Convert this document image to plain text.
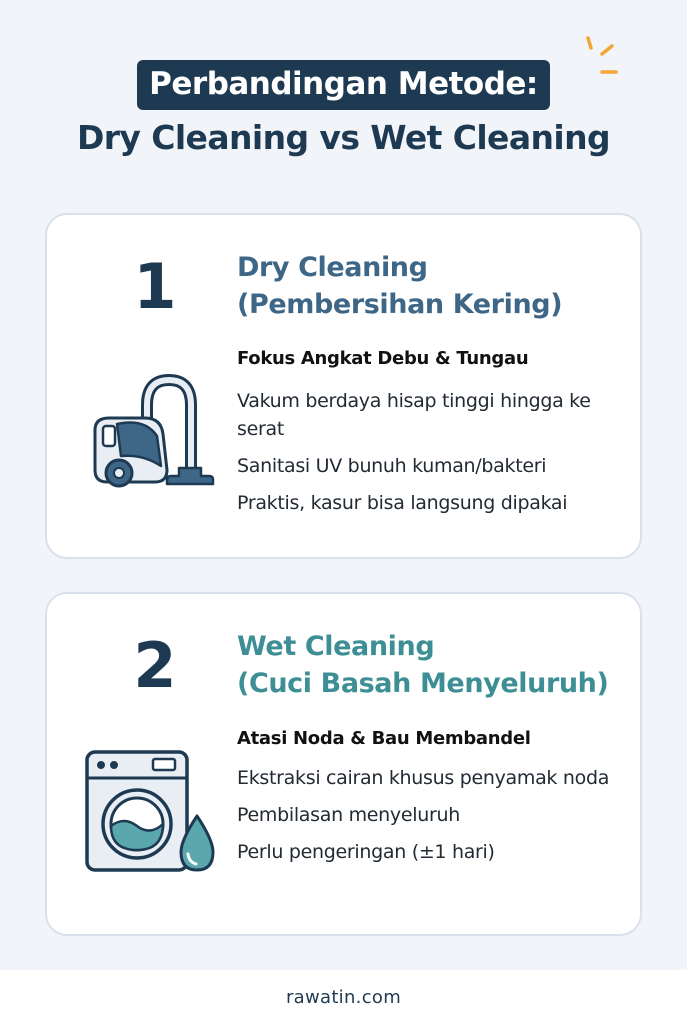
Perbandingan Metode:
Dry Cleaning vs Wet Cleaning
1	Dry Cleaning
(Pembersihan Kering)
Fokus Angkat Debu & Tungau
Vakum berdaya hisap tinggi hingga ke serat
Sanitasi UV bunuh kuman/bakteri
Praktis, kasur bisa langsung dipakai
2	Wet Cleaning
(Cuci Basah Menyeluruh)
Atasi Noda & Bau Membandel
Ekstraksi cairan khusus penyamak noda
Pembilasan menyeluruh
Perlu pengeringan (±1 hari)
rawatin.com
